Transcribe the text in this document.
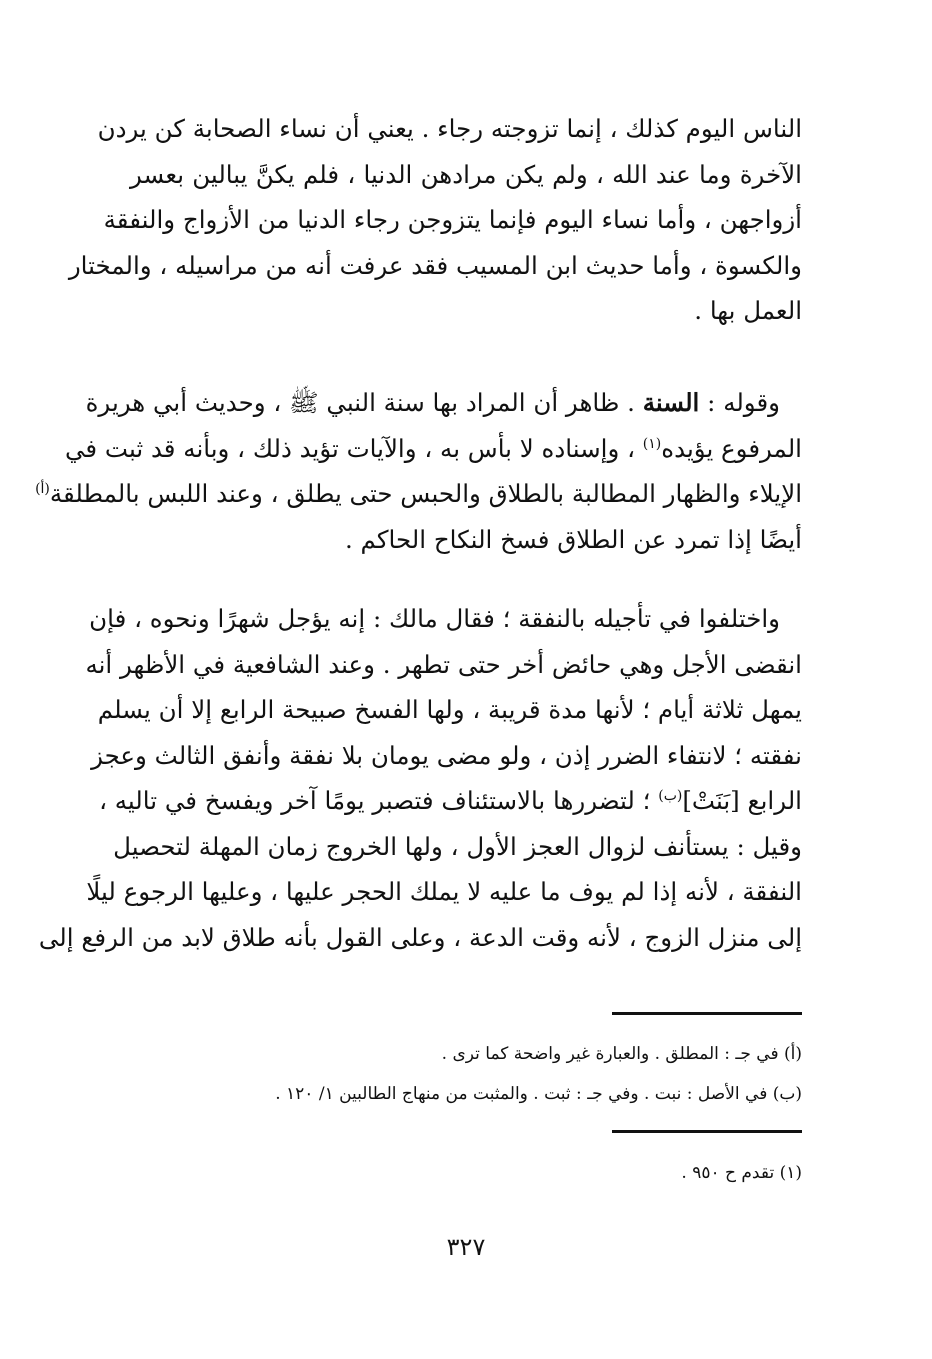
الناس اليوم كذلك ، إنما تزوجته رجاء . يعني أن نساء الصحابة كن يردن
الآخرة وما عند الله ، ولم يكن مرادهن الدنيا ، فلم يكنَّ يبالين بعسر
أزواجهن ، وأما نساء اليوم فإنما يتزوجن رجاء الدنيا من الأزواج والنفقة
والكسوة ، وأما حديث ابن المسيب فقد عرفت أنه من مراسيله ، والمختار
العمل بها .

وقوله : السنة . ظاهر أن المراد بها سنة النبي ﷺ ، وحديث أبي هريرة
المرفوع يؤيده$^{(١)}$ ، وإسناده لا بأس به ، والآيات تؤيد ذلك ، وبأنه قد ثبت في
الإيلاء والظهار المطالبة بالطلاق والحبس حتى يطلق ، وعند اللبس بالمطلقة$^{(أ)}$
أيضًا إذا تمرد عن الطلاق فسخ النكاح الحاكم .

واختلفوا في تأجيله بالنفقة ؛ فقال مالك : إنه يؤجل شهرًا ونحوه ، فإن
انقضى الأجل وهي حائض أخر حتى تطهر . وعند الشافعية في الأظهر أنه
يمهل ثلاثة أيام ؛ لأنها مدة قريبة ، ولها الفسخ صبيحة الرابع إلا أن يسلم
نفقته ؛ لانتفاء الضرر إذن ، ولو مضى يومان بلا نفقة وأنفق الثالث وعجز
الرابع [بَنَتْ]$^{(ب)}$ ؛ لتضررها بالاستئناف فتصبر يومًا آخر ويفسخ في تاليه ،
وقيل : يستأنف لزوال العجز الأول ، ولها الخروج زمان المهلة لتحصيل
النفقة ، لأنه إذا لم يوف ما عليه لا يملك الحجر عليها ، وعليها الرجوع ليلًا
إلى منزل الزوج ، لأنه وقت الدعة ، وعلى القول بأنه طلاق لابد من الرفع إلى

(أ) في جـ : المطلق . والعبارة غير واضحة كما ترى .

(ب) في الأصل : نبت . وفي جـ : ثبت . والمثبت من منهاج الطالبين ١/ ١٢٠ .

(١) تقدم ح ٩٥٠ .

٣٢٧
